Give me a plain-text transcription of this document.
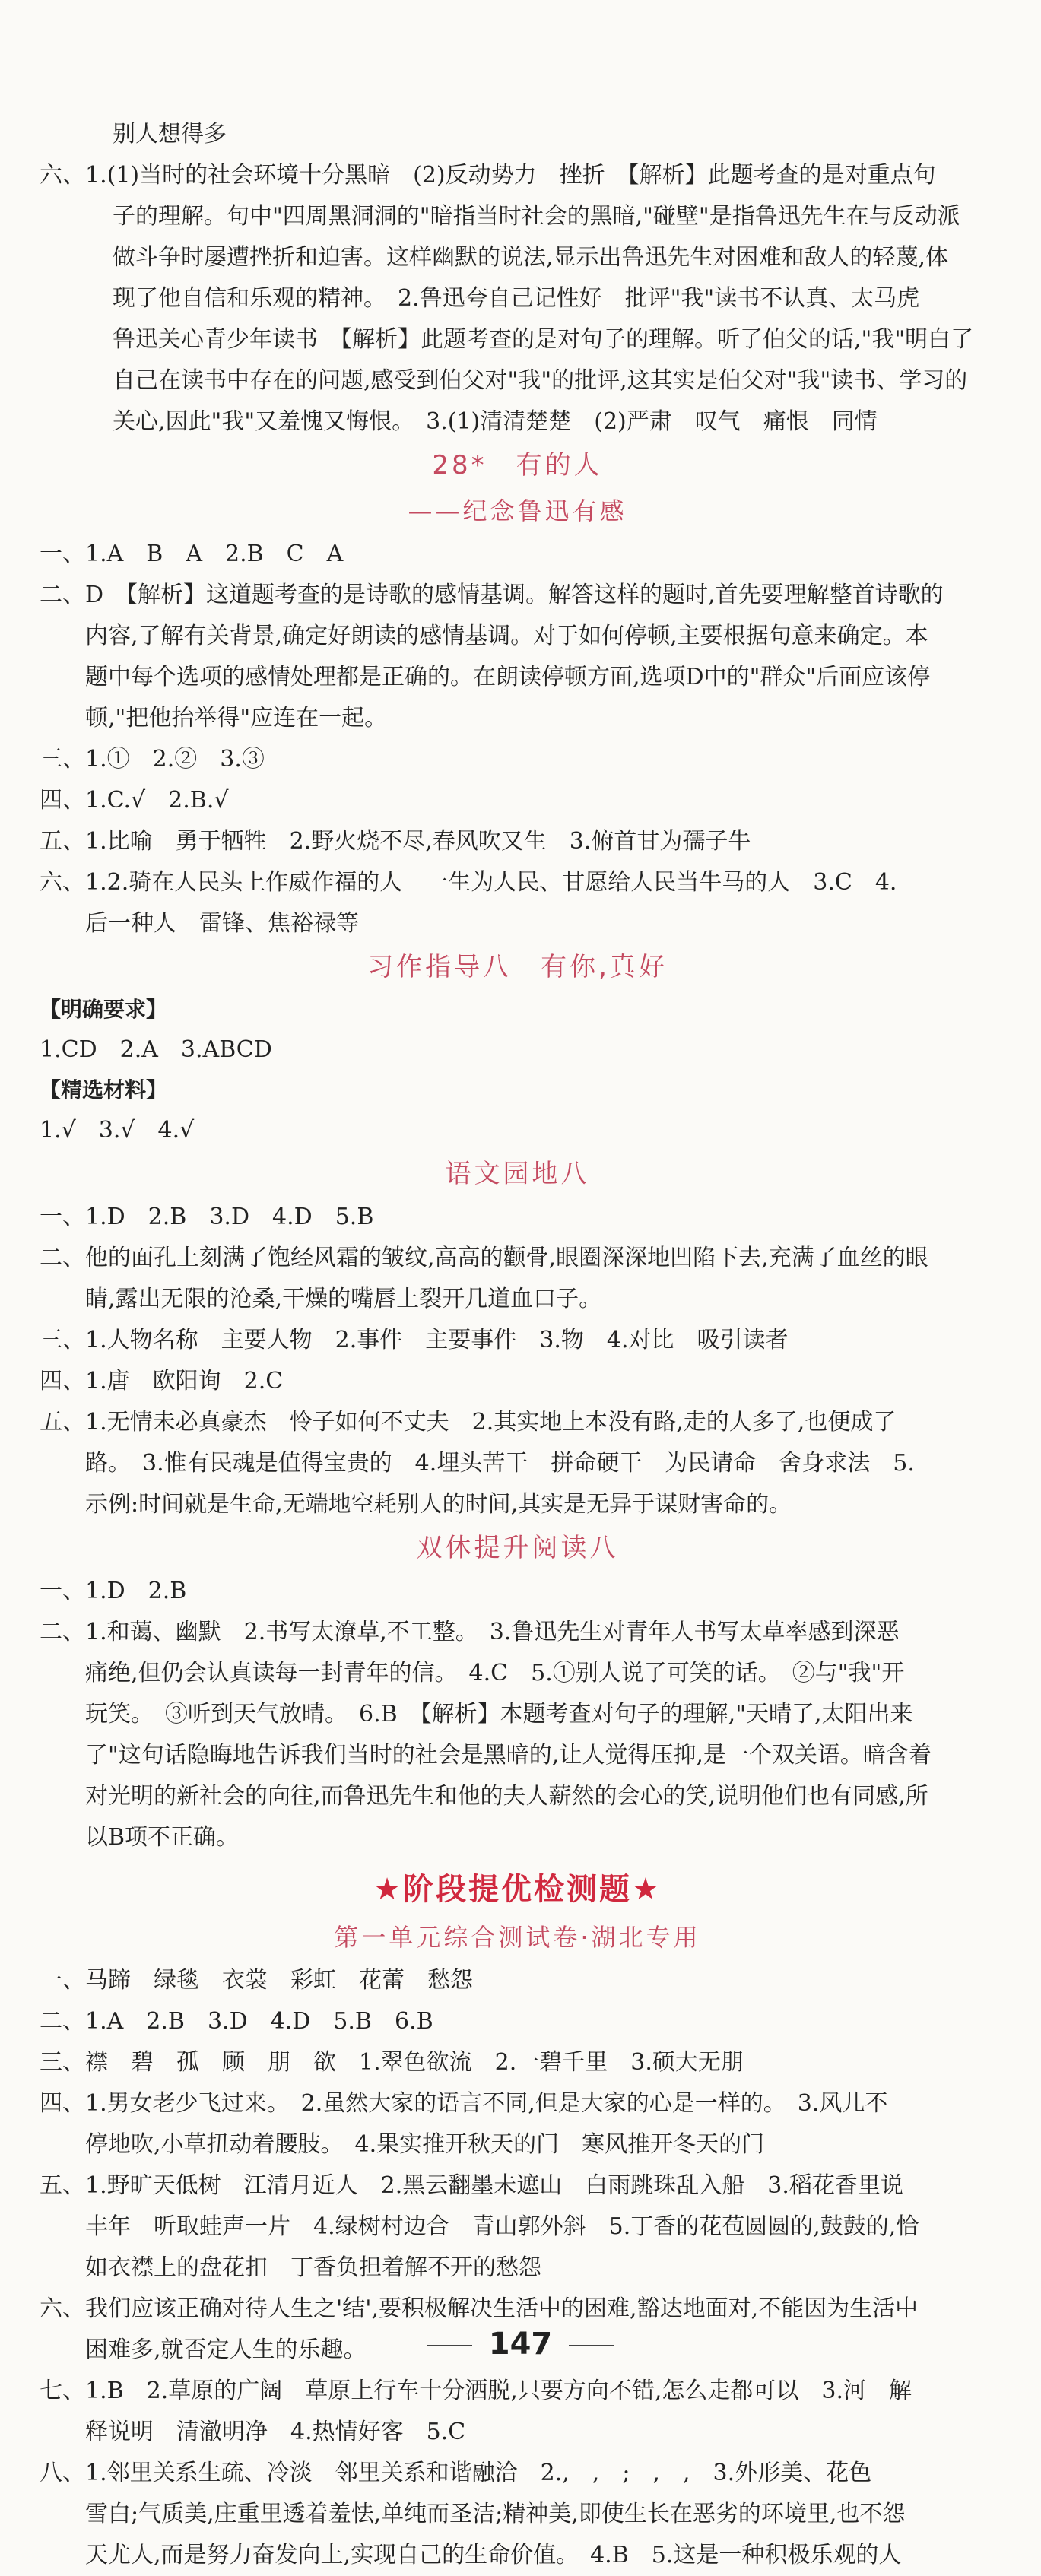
别人想得多
六、1.(1)当时的社会环境十分黑暗　(2)反动势力　挫折　【解析】此题考查的是对重点句
子的理解。句中"四周黑洞洞的"暗指当时社会的黑暗,"碰壁"是指鲁迅先生在与反动派
做斗争时屡遭挫折和迫害。这样幽默的说法,显示出鲁迅先生对困难和敌人的轻蔑,体
现了他自信和乐观的精神。　2.鲁迅夸自己记性好　批评"我"读书不认真、太马虎
鲁迅关心青少年读书　【解析】此题考查的是对句子的理解。听了伯父的话,"我"明白了
自己在读书中存在的问题,感受到伯父对"我"的批评,这其实是伯父对"我"读书、学习的
关心,因此"我"又羞愧又悔恨。　3.(1)清清楚楚　(2)严肃　叹气　痛恨　同情
28*　有的人
——纪念鲁迅有感
一、1.A　B　A　2.B　C　A
二、D　【解析】这道题考查的是诗歌的感情基调。解答这样的题时,首先要理解整首诗歌的
内容,了解有关背景,确定好朗读的感情基调。对于如何停顿,主要根据句意来确定。本
题中每个选项的感情处理都是正确的。在朗读停顿方面,选项D中的"群众"后面应该停
顿,"把他抬举得"应连在一起。
三、1.①　2.②　3.③
四、1.C.√　2.B.√
五、1.比喻　勇于牺牲　2.野火烧不尽,春风吹又生　3.俯首甘为孺子牛
六、1.2.骑在人民头上作威作福的人　一生为人民、甘愿给人民当牛马的人　3.C　4.
后一种人　雷锋、焦裕禄等
习作指导八　有你,真好
【明确要求】
1.CD　2.A　3.ABCD
【精选材料】
1.√　3.√　4.√
语文园地八
一、1.D　2.B　3.D　4.D　5.B
二、他的面孔上刻满了饱经风霜的皱纹,高高的颧骨,眼圈深深地凹陷下去,充满了血丝的眼
睛,露出无限的沧桑,干燥的嘴唇上裂开几道血口子。
三、1.人物名称　主要人物　2.事件　主要事件　3.物　4.对比　吸引读者
四、1.唐　欧阳询　2.C
五、1.无情未必真豪杰　怜子如何不丈夫　2.其实地上本没有路,走的人多了,也便成了
路。　3.惟有民魂是值得宝贵的　4.埋头苦干　拼命硬干　为民请命　舍身求法　5.
示例:时间就是生命,无端地空耗别人的时间,其实是无异于谋财害命的。
双休提升阅读八
一、1.D　2.B
二、1.和蔼、幽默　2.书写太潦草,不工整。　3.鲁迅先生对青年人书写太草率感到深恶
痛绝,但仍会认真读每一封青年的信。　4.C　5.①别人说了可笑的话。　②与"我"开
玩笑。　③听到天气放晴。　6.B　【解析】本题考查对句子的理解,"天晴了,太阳出来
了"这句话隐晦地告诉我们当时的社会是黑暗的,让人觉得压抑,是一个双关语。暗含着
对光明的新社会的向往,而鲁迅先生和他的夫人薪然的会心的笑,说明他们也有同感,所
以B项不正确。
★阶段提优检测题★
第一单元综合测试卷·湖北专用
一、马蹄　绿毯　衣裳　彩虹　花蕾　愁怨
二、1.A　2.B　3.D　4.D　5.B　6.B
三、襟　碧　孤　顾　朋　欲　1.翠色欲流　2.一碧千里　3.硕大无朋
四、1.男女老少飞过来。　2.虽然大家的语言不同,但是大家的心是一样的。　3.风儿不
停地吹,小草扭动着腰肢。　4.果实推开秋天的门　寒风推开冬天的门
五、1.野旷天低树　江清月近人　2.黑云翻墨未遮山　白雨跳珠乱入船　3.稻花香里说
丰年　听取蛙声一片　4.绿树村边合　青山郭外斜　5.丁香的花苞圆圆的,鼓鼓的,恰
如衣襟上的盘花扣　丁香负担着解不开的愁怨
六、我们应该正确对待人生之'结',要积极解决生活中的困难,豁达地面对,不能因为生活中
困难多,就否定人生的乐趣。
七、1.B　2.草原的广阔　草原上行车十分洒脱,只要方向不错,怎么走都可以　3.河　解
释说明　清澈明净　4.热情好客　5.C
八、1.邻里关系生疏、冷淡　邻里关系和谐融洽　2.,　,　;　,　,　3.外形美、花色
雪白;气质美,庄重里透着羞怯,单纯而圣洁;精神美,即使生长在恶劣的环境里,也不怨
天尤人,而是努力奋发向上,实现自己的生命价值。　4.B　5.这是一种积极乐观的人
147
